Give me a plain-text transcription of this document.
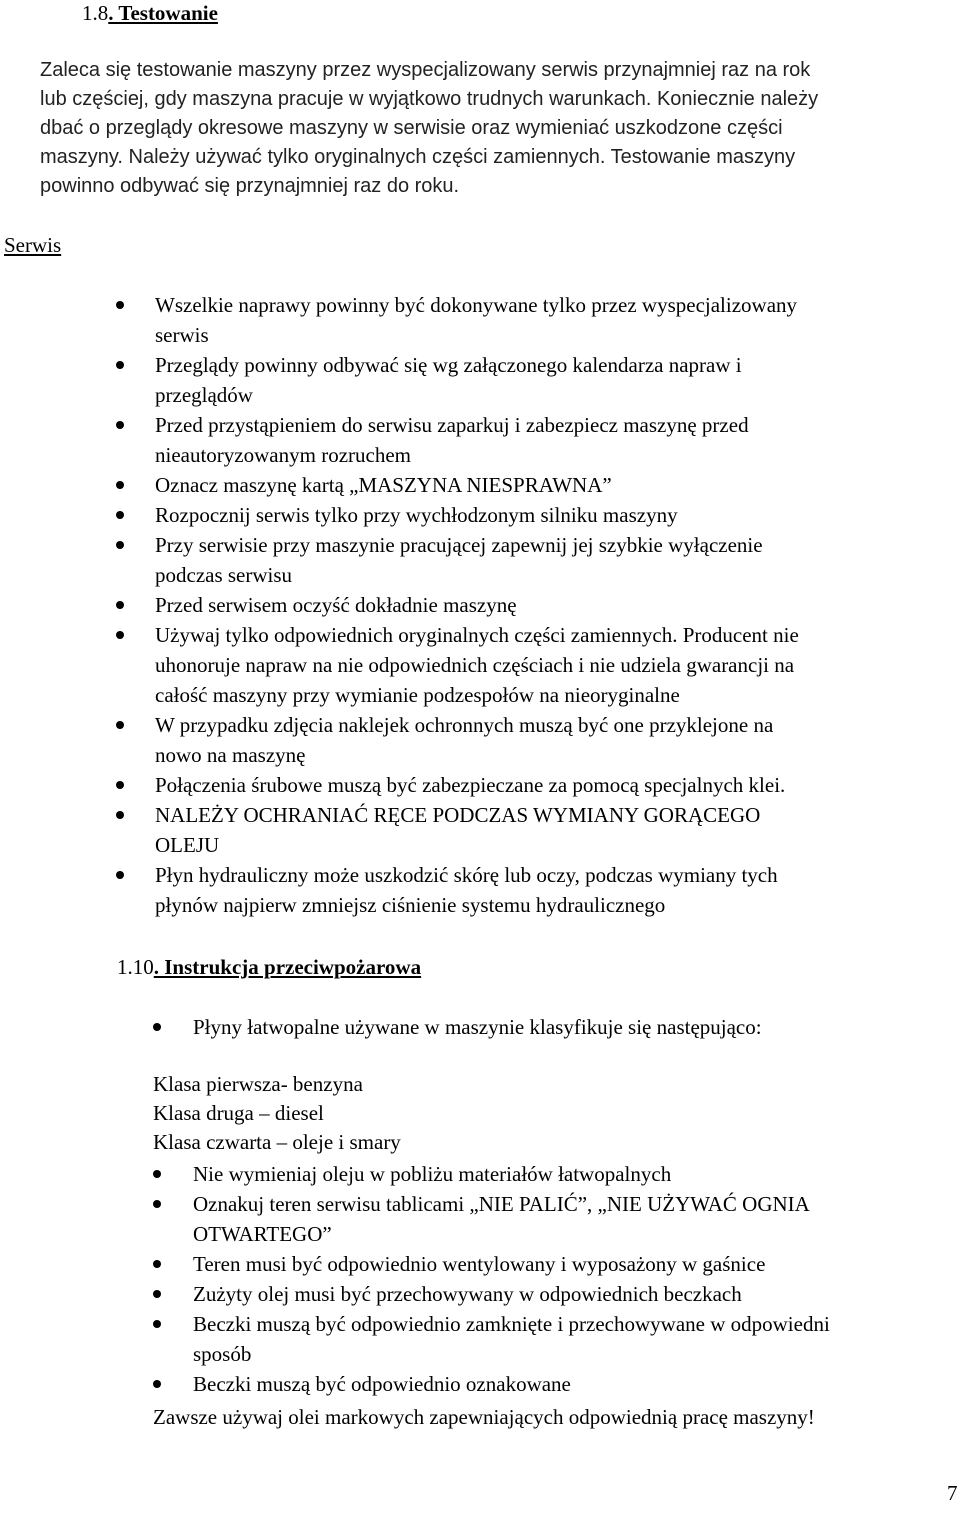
1.8. Testowanie

Zaleca się testowanie maszyny przez wyspecjalizowany serwis przynajmniej raz na rok

lub częściej, gdy maszyna pracuje w wyjątkowo trudnych warunkach. Koniecznie należy

dbać o przeglądy okresowe maszyny w serwisie oraz wymieniać uszkodzone części

maszyny. Należy używać tylko oryginalnych części zamiennych. Testowanie maszyny

powinno odbywać się przynajmniej raz do roku.

Serwis
Wszelkie naprawy powinny być dokonywane tylko przez wyspecjalizowany
serwis
Przeglądy powinny odbywać się wg załączonego kalendarza napraw i
przeglądów
Przed przystąpieniem do serwisu zaparkuj i zabezpiecz maszynę przed
nieautoryzowanym rozruchem
Oznacz maszynę kartą „MASZYNA NIESPRAWNA”
Rozpocznij serwis tylko przy wychłodzonym silniku maszyny
Przy serwisie przy maszynie pracującej zapewnij jej szybkie wyłączenie
podczas serwisu
Przed serwisem oczyść dokładnie maszynę
Używaj tylko odpowiednich oryginalnych części zamiennych. Producent nie
uhonoruje napraw na nie odpowiednich częściach i nie udziela gwarancji na
całość maszyny przy wymianie podzespołów na nieoryginalne
W przypadku zdjęcia naklejek ochronnych muszą być one przyklejone na
nowo na maszynę
Połączenia śrubowe muszą być zabezpieczane za pomocą specjalnych klei.
NALEŻY OCHRANIAĆ RĘCE PODCZAS WYMIANY GORĄCEGO
OLEJU
Płyn hydrauliczny może uszkodzić skórę lub oczy, podczas wymiany tych
płynów najpierw zmniejsz ciśnienie systemu hydraulicznego
1.10. Instrukcja przeciwpożarowa
Płyny łatwopalne używane w maszynie klasyfikuje się następująco:
Klasa pierwsza- benzyna
Klasa druga – diesel
Klasa czwarta – oleje i smary
Nie wymieniaj oleju w pobliżu materiałów łatwopalnych
Oznakuj teren serwisu tablicami „NIE PALIĆ”, „NIE UŻYWAĆ OGNIA
OTWARTEGO”
Teren musi być odpowiednio wentylowany i wyposażony w gaśnice
Zużyty olej musi być przechowywany w odpowiednich beczkach
Beczki muszą być odpowiednio zamknięte i przechowywane w odpowiedni
sposób
Beczki muszą być odpowiednio oznakowane
Zawsze używaj olei markowych zapewniających odpowiednią pracę maszyny!
7
